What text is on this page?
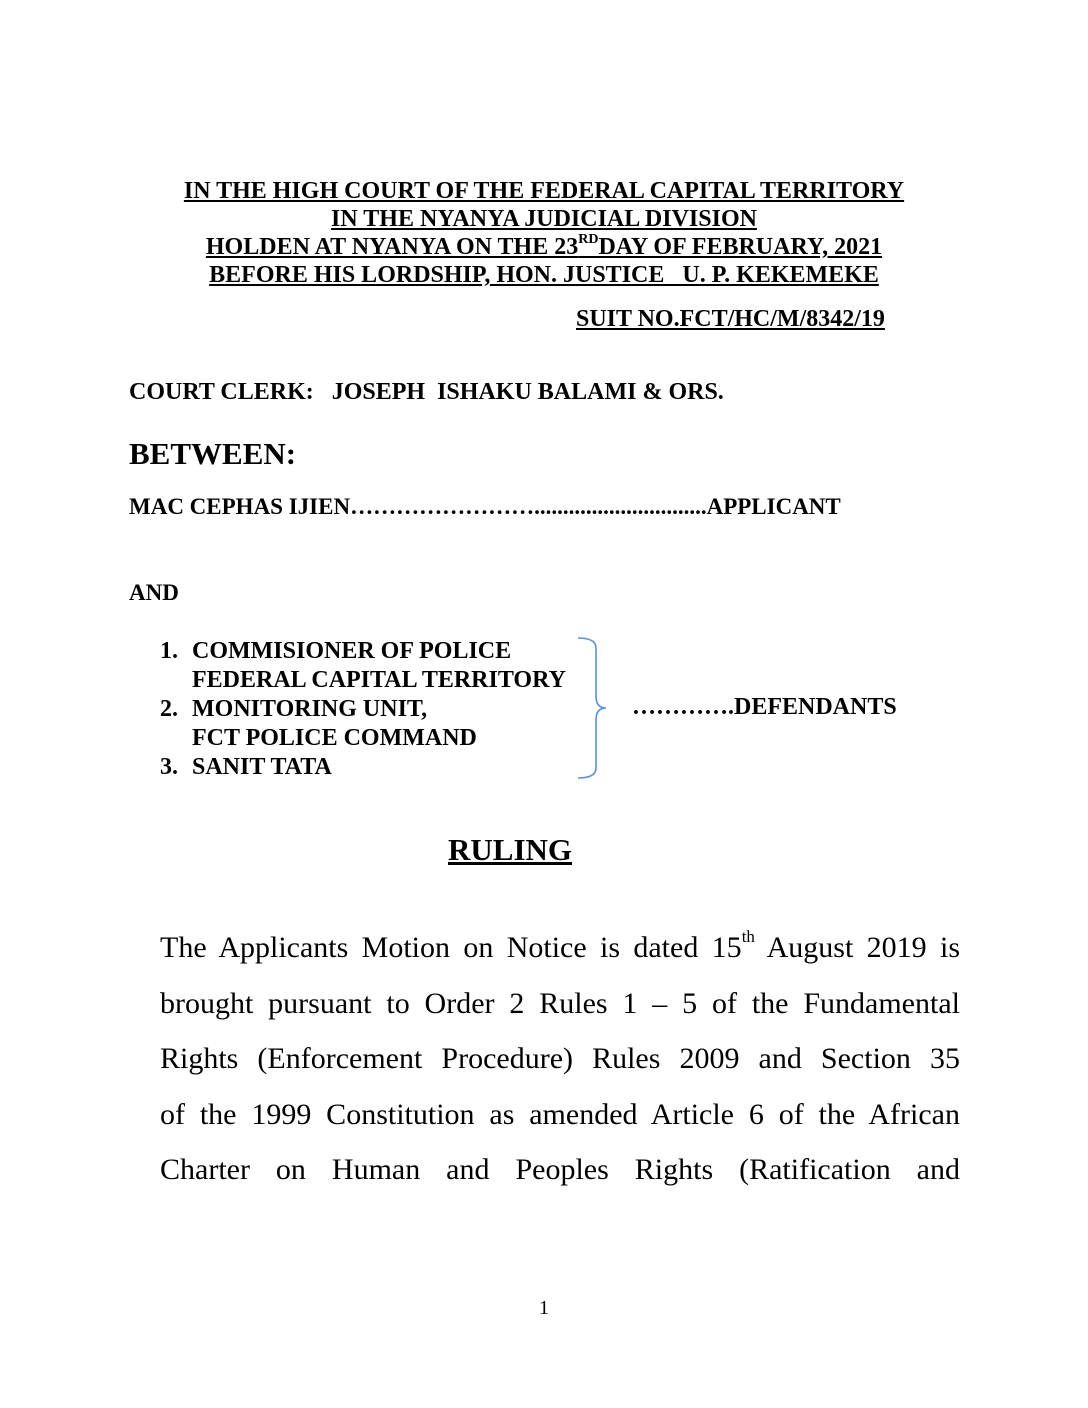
IN THE HIGH COURT OF THE FEDERAL CAPITAL TERRITORY
IN THE NYANYA JUDICIAL DIVISION
HOLDEN AT NYANYA ON THE 23RDDAY OF FEBRUARY, 2021
BEFORE HIS LORDSHIP, HON. JUSTICE   U. P. KEKEMEKE
SUIT NO.FCT/HC/M/8342/19
COURT CLERK:   JOSEPH  ISHAKU BALAMI & ORS.
BETWEEN:
MAC CEPHAS IJIEN……………………..............................APPLICANT
AND
1. COMMISIONER OF POLICE
FEDERAL CAPITAL TERRITORY
2. MONITORING UNIT,
FCT POLICE COMMAND
3. SANIT TATA
………….DEFENDANTS
RULING
The Applicants Motion on Notice is dated 15th August 2019 is
brought pursuant to Order 2 Rules 1 – 5 of the Fundamental
Rights (Enforcement Procedure) Rules 2009 and Section 35
of the 1999 Constitution as amended Article 6 of the African
Charter on Human and Peoples Rights (Ratification and
1
